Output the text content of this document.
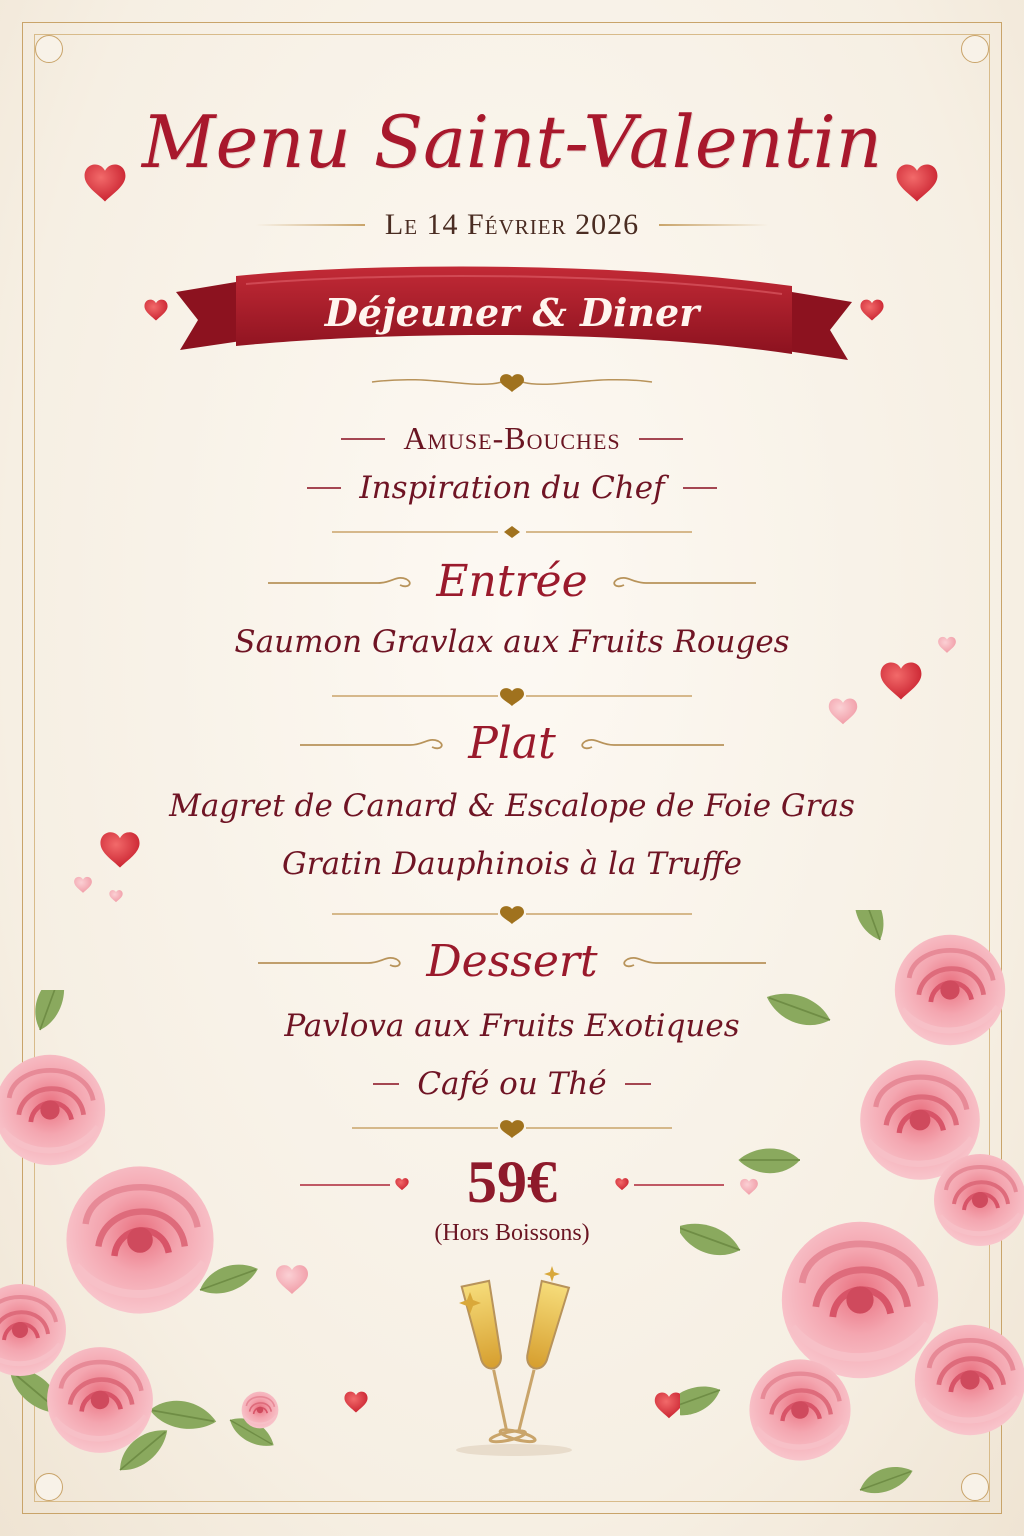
Menu Saint-Valentin
Le 14 Février 2026
Déjeuner & Diner
Amuse-Bouches
Inspiration du Chef
Entrée
Saumon Gravlax aux Fruits Rouges
Plat
Magret de Canard & Escalope de Foie Gras
Gratin Dauphinois à la Truffe
Dessert
Pavlova aux Fruits Exotiques
Café ou Thé
59€
(Hors Boissons)
